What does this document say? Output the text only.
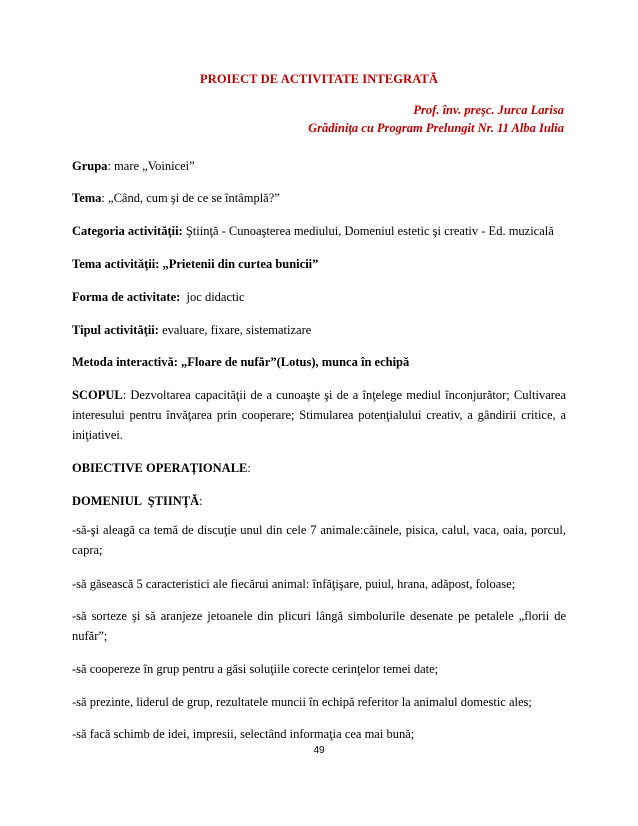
PROIECT DE ACTIVITATE INTEGRATĂ
Prof. înv. preşc. Jurca Larisa
Grădiniţa cu Program Prelungit Nr. 11 Alba Iulia
Grupa: mare „Voinicei”
Tema: „Când, cum şi de ce se întâmplă?”
Categoria activităţii: Ştiinţă - Cunoaşterea mediului, Domeniul estetic şi creativ - Ed. muzicală
Tema activităţii: „Prietenii din curtea bunicii”
Forma de activitate: joc didactic
Tipul activităţii: evaluare, fixare, sistematizare
Metoda interactivă: „Floare de nufăr”(Lotus), munca în echipă
SCOPUL: Dezvoltarea capacităţii de a cunoaşte şi de a înţelege mediul înconjurător; Cultivarea interesului pentru învăţarea prin cooperare; Stimularea potenţialului creativ, a gândirii critice, a iniţiativei.
OBIECTIVE OPERAŢIONALE:
DOMENIUL  ŞTIINŢĂ:
-să-şi aleagă ca temă de discuţie unul din cele 7 animale:câinele, pisica, calul, vaca, oaia, porcul, capra;
-să găsească 5 caracteristici ale fiecărui animal: înfăţişare, puiul, hrana, adăpost, foloase;
-să sorteze şi să aranjeze jetoanele din plicuri lângă simbolurile desenate pe petalele „florii de nufăr”;
-să coopereze în grup pentru a găsi soluţiile corecte cerinţelor temei date;
-să prezinte, liderul de grup, rezultatele muncii în echipă referitor la animalul domestic ales;
-să facă schimb de idei, impresii, selectând informaţia cea mai bună;
49
